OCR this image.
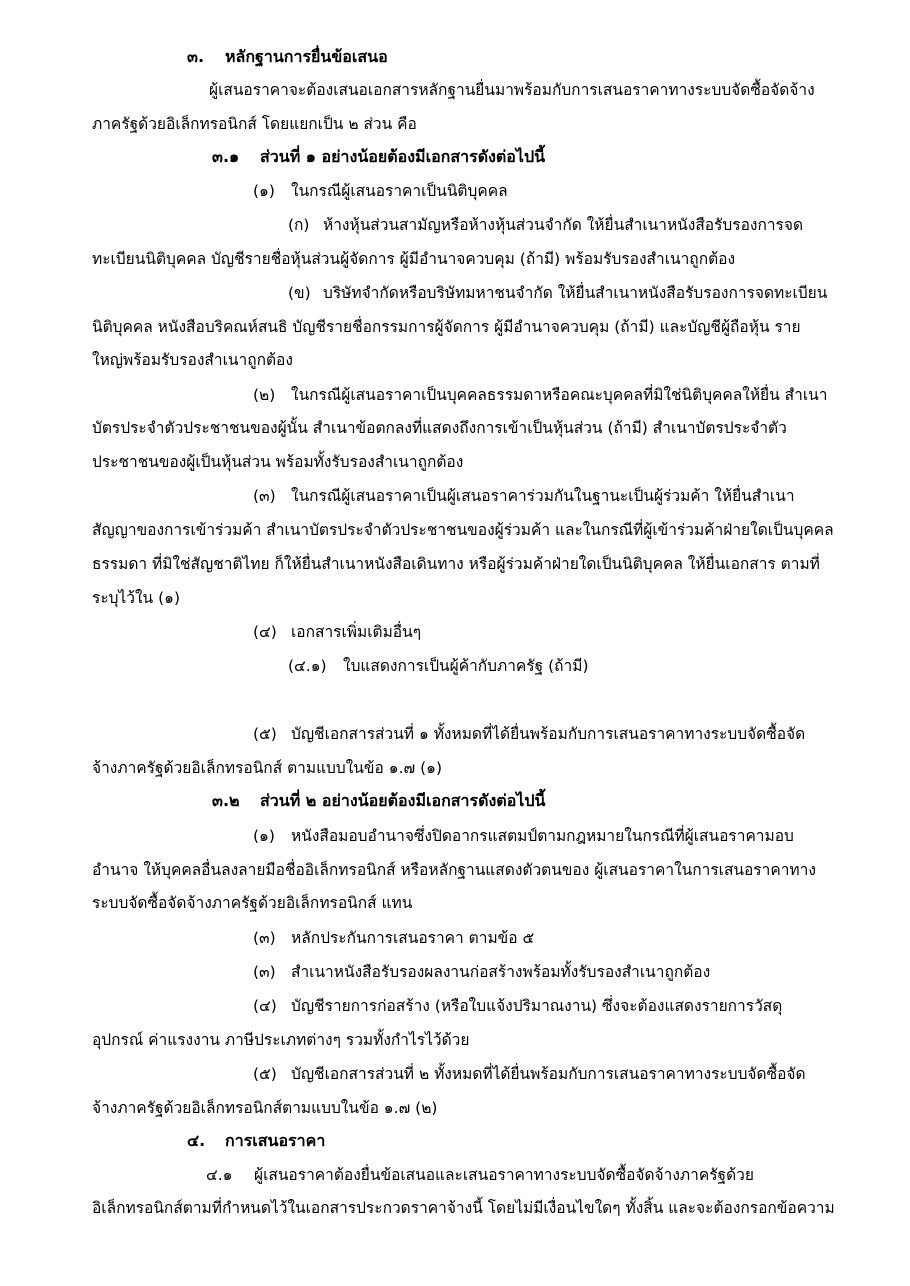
๓. หลักฐานการยื่นข้อเสนอ
ผู้เสนอราคาจะต้องเสนอเอกสารหลักฐานยื่นมาพร้อมกับการเสนอราคาทางระบบจัดซื้อจัดจ้าง
ภาครัฐด้วยอิเล็กทรอนิกส์ โดยแยกเป็น ๒ ส่วน คือ
๓.๑ ส่วนที่ ๑ อย่างน้อยต้องมีเอกสารดังต่อไปนี้
(๑) ในกรณีผู้เสนอราคาเป็นนิติบุคคล
(ก) ห้างหุ้นส่วนสามัญหรือห้างหุ้นส่วนจำกัด ให้ยื่นสำเนาหนังสือรับรองการจด
ทะเบียนนิติบุคคล บัญชีรายชื่อหุ้นส่วนผู้จัดการ ผู้มีอำนาจควบคุม (ถ้ามี) พร้อมรับรองสำเนาถูกต้อง
(ข) บริษัทจำกัดหรือบริษัทมหาชนจำกัด ให้ยื่นสำเนาหนังสือรับรองการจดทะเบียน
นิติบุคคล หนังสือบริคณห์สนธิ บัญชีรายชื่อกรรมการผู้จัดการ ผู้มีอำนาจควบคุม (ถ้ามี) และบัญชีผู้ถือหุ้น ราย
ใหญ่พร้อมรับรองสำเนาถูกต้อง
(๒) ในกรณีผู้เสนอราคาเป็นบุคคลธรรมดาหรือคณะบุคคลที่มิใช่นิติบุคคลให้ยื่น สำเนา
บัตรประจำตัวประชาชนของผู้นั้น สำเนาข้อตกลงที่แสดงถึงการเข้าเป็นหุ้นส่วน (ถ้ามี) สำเนาบัตรประจำตัว
ประชาชนของผู้เป็นหุ้นส่วน พร้อมทั้งรับรองสำเนาถูกต้อง
(๓) ในกรณีผู้เสนอราคาเป็นผู้เสนอราคาร่วมกันในฐานะเป็นผู้ร่วมค้า ให้ยื่นสำเนา
สัญญาของการเข้าร่วมค้า สำเนาบัตรประจำตัวประชาชนของผู้ร่วมค้า และในกรณีที่ผู้เข้าร่วมค้าฝ่ายใดเป็นบุคคล
ธรรมดา ที่มิใช่สัญชาติไทย ก็ให้ยื่นสำเนาหนังสือเดินทาง หรือผู้ร่วมค้าฝ่ายใดเป็นนิติบุคคล ให้ยื่นเอกสาร ตามที่
ระบุไว้ใน (๑)
(๔) เอกสารเพิ่มเติมอื่นๆ
(๔.๑) ใบแสดงการเป็นผู้ค้ากับภาครัฐ (ถ้ามี)
(๕) บัญชีเอกสารส่วนที่ ๑ ทั้งหมดที่ได้ยื่นพร้อมกับการเสนอราคาทางระบบจัดซื้อจัด
จ้างภาครัฐด้วยอิเล็กทรอนิกส์ ตามแบบในข้อ ๑.๗ (๑)
๓.๒ ส่วนที่ ๒ อย่างน้อยต้องมีเอกสารดังต่อไปนี้
(๑) หนังสือมอบอำนาจซึ่งปิดอากรแสตมป์ตามกฎหมายในกรณีที่ผู้เสนอราคามอบ
อำนาจ ให้บุคคลอื่นลงลายมือชื่ออิเล็กทรอนิกส์ หรือหลักฐานแสดงตัวตนของ ผู้เสนอราคาในการเสนอราคาทาง
ระบบจัดซื้อจัดจ้างภาครัฐด้วยอิเล็กทรอนิกส์ แทน
(๓) หลักประกันการเสนอราคา ตามข้อ ๕
(๓) สำเนาหนังสือรับรองผลงานก่อสร้างพร้อมทั้งรับรองสำเนาถูกต้อง
(๔) บัญชีรายการก่อสร้าง (หรือใบแจ้งปริมาณงาน) ซึ่งจะต้องแสดงรายการวัสดุ
อุปกรณ์ ค่าแรงงาน ภาษีประเภทต่างๆ รวมทั้งกำไรไว้ด้วย
(๕) บัญชีเอกสารส่วนที่ ๒ ทั้งหมดที่ได้ยื่นพร้อมกับการเสนอราคาทางระบบจัดซื้อจัด
จ้างภาครัฐด้วยอิเล็กทรอนิกส์ตามแบบในข้อ ๑.๗ (๒)
๔. การเสนอราคา
๔.๑ ผู้เสนอราคาต้องยื่นข้อเสนอและเสนอราคาทางระบบจัดซื้อจัดจ้างภาครัฐด้วย
อิเล็กทรอนิกส์ตามที่กำหนดไว้ในเอกสารประกวดราคาจ้างนี้ โดยไม่มีเงื่อนไขใดๆ ทั้งสิ้น และจะต้องกรอกข้อความ
